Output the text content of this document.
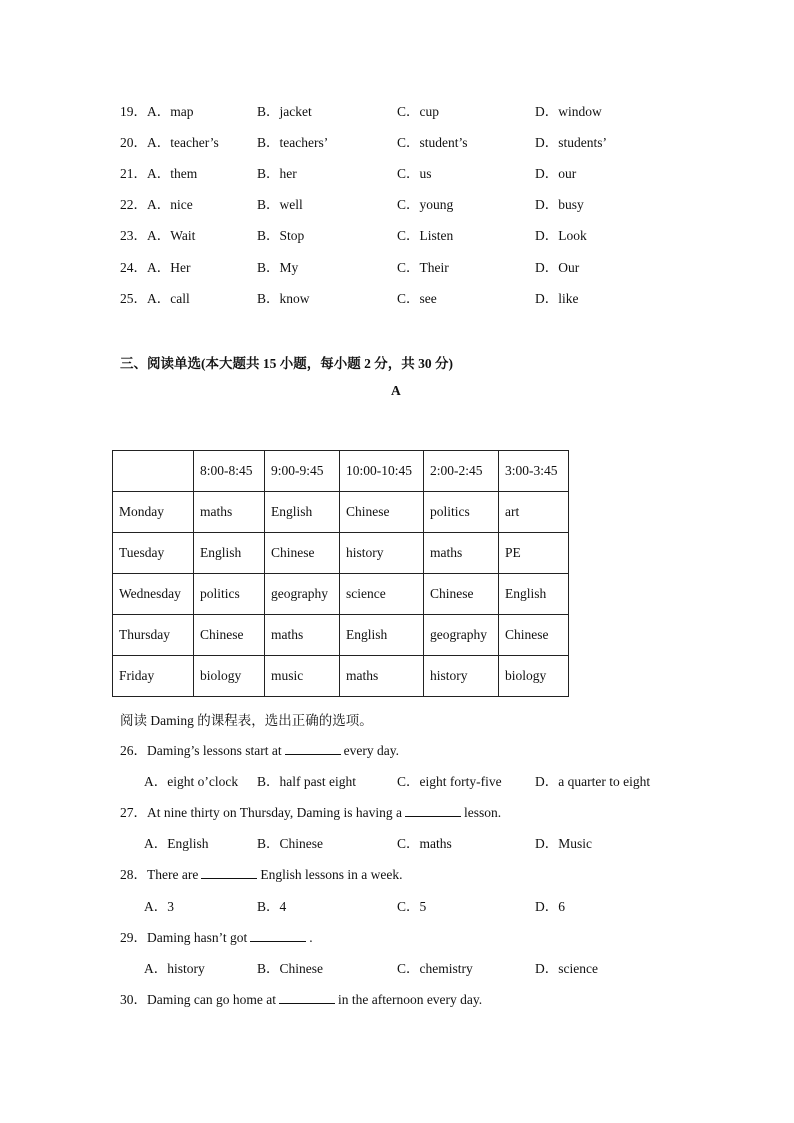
19． A．map	B．jacket	C．cup	D．window
20． A．teacher’s	B．teachers’	C．student’s	D．students’
21． A．them	B．her	C．us	D．our
22． A．nice	B．well	C．young	D．busy
23． A．Wait	B．Stop	C．Listen	D．Look
24． A．Her	B．My	C．Their	D．Our
25． A．call	B．know	C．see	D．like
三、阅读单选(本大题共 15 小题，每小题 2 分，共 30 分)
A
	8:00-8:45	9:00-9:45	10:00-10:45	2:00-2:45	3:00-3:45
Monday	maths	English	Chinese	politics	art
Tuesday	English	Chinese	history	maths	PE
Wednesday	politics	geography	science	Chinese	English
Thursday	Chinese	maths	English	geography	Chinese
Friday	biology	music	maths	history	biology
阅读 Daming 的课程表，选出正确的选项。
26．Daming’s lessons start at	every day.
A．eight o’clock B．half past eight	C．eight forty-five D．a quarter to eight
27．At nine thirty on Thursday, Daming is having a	lesson.
A．English	B．Chinese	C．maths	D．Music
28．There are	English lessons in a week.
A．3	B．4	C．5	D．6
29．Daming hasn’t got	.
A．history	B．Chinese	C．chemistry	D．science
30．Daming can go home at	in the afternoon every day.
